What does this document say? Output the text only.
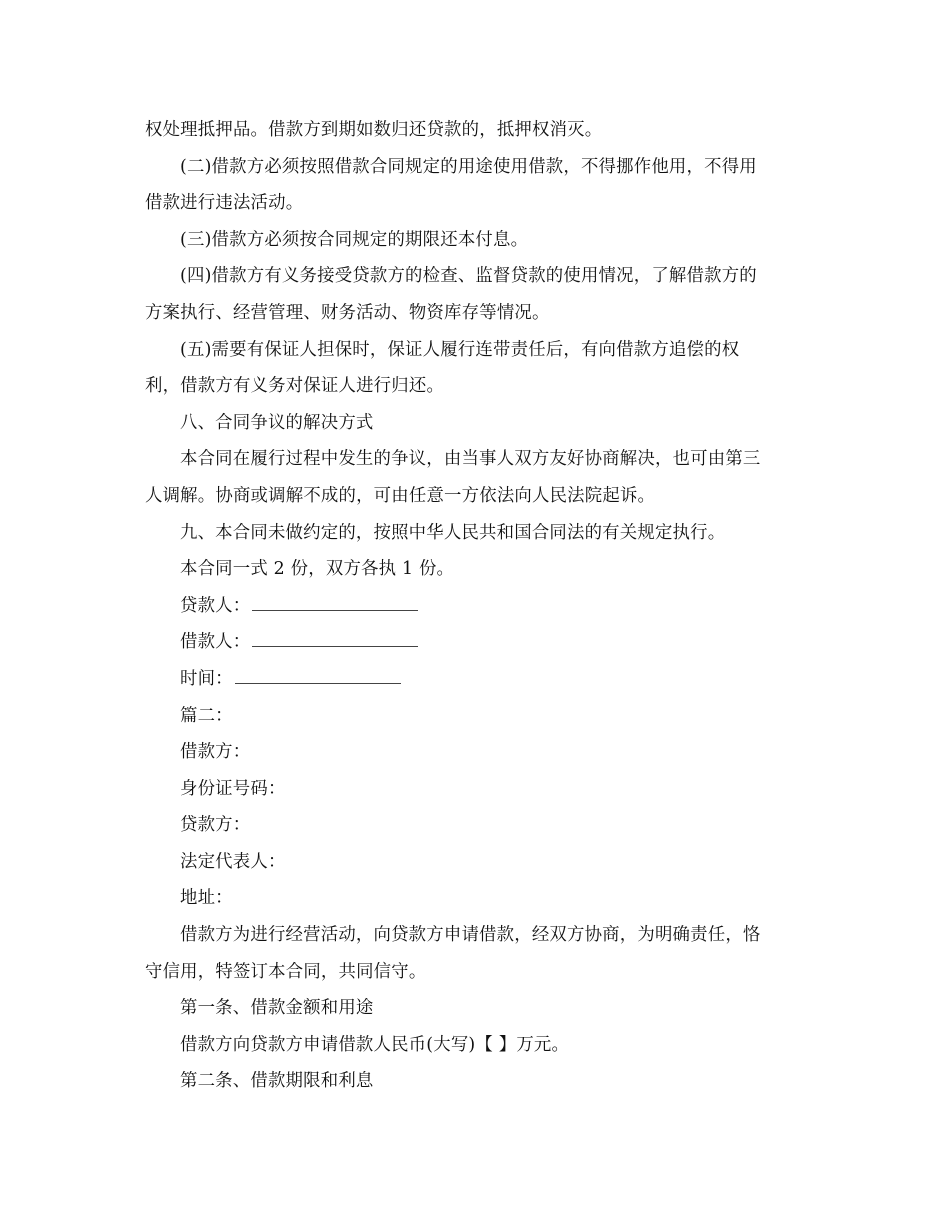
权处理抵押品。借款方到期如数归还贷款的，抵押权消灭。

(二)借款方必须按照借款合同规定的用途使用借款，不得挪作他用，不得用

借款进行违法活动。

(三)借款方必须按合同规定的期限还本付息。

(四)借款方有义务接受贷款方的检查、监督贷款的使用情况，了解借款方的

方案执行、经营管理、财务活动、物资库存等情况。

(五)需要有保证人担保时，保证人履行连带责任后，有向借款方追偿的权

利，借款方有义务对保证人进行归还。

八、合同争议的解决方式

本合同在履行过程中发生的争议，由当事人双方友好协商解决，也可由第三

人调解。协商或调解不成的，可由任意一方依法向人民法院起诉。

九、本合同未做约定的，按照中华人民共和国合同法的有关规定执行。

本合同一式 2 份，双方各执 1 份。

贷款人：

借款人：

时间：

篇二：

借款方：

身份证号码：

贷款方：

法定代表人：

地址：

借款方为进行经营活动，向贷款方申请借款，经双方协商，为明确责任，恪

守信用，特签订本合同，共同信守。

第一条、借款金额和用途

借款方向贷款方申请借款人民币(大写)【 】万元。

第二条、借款期限和利息
